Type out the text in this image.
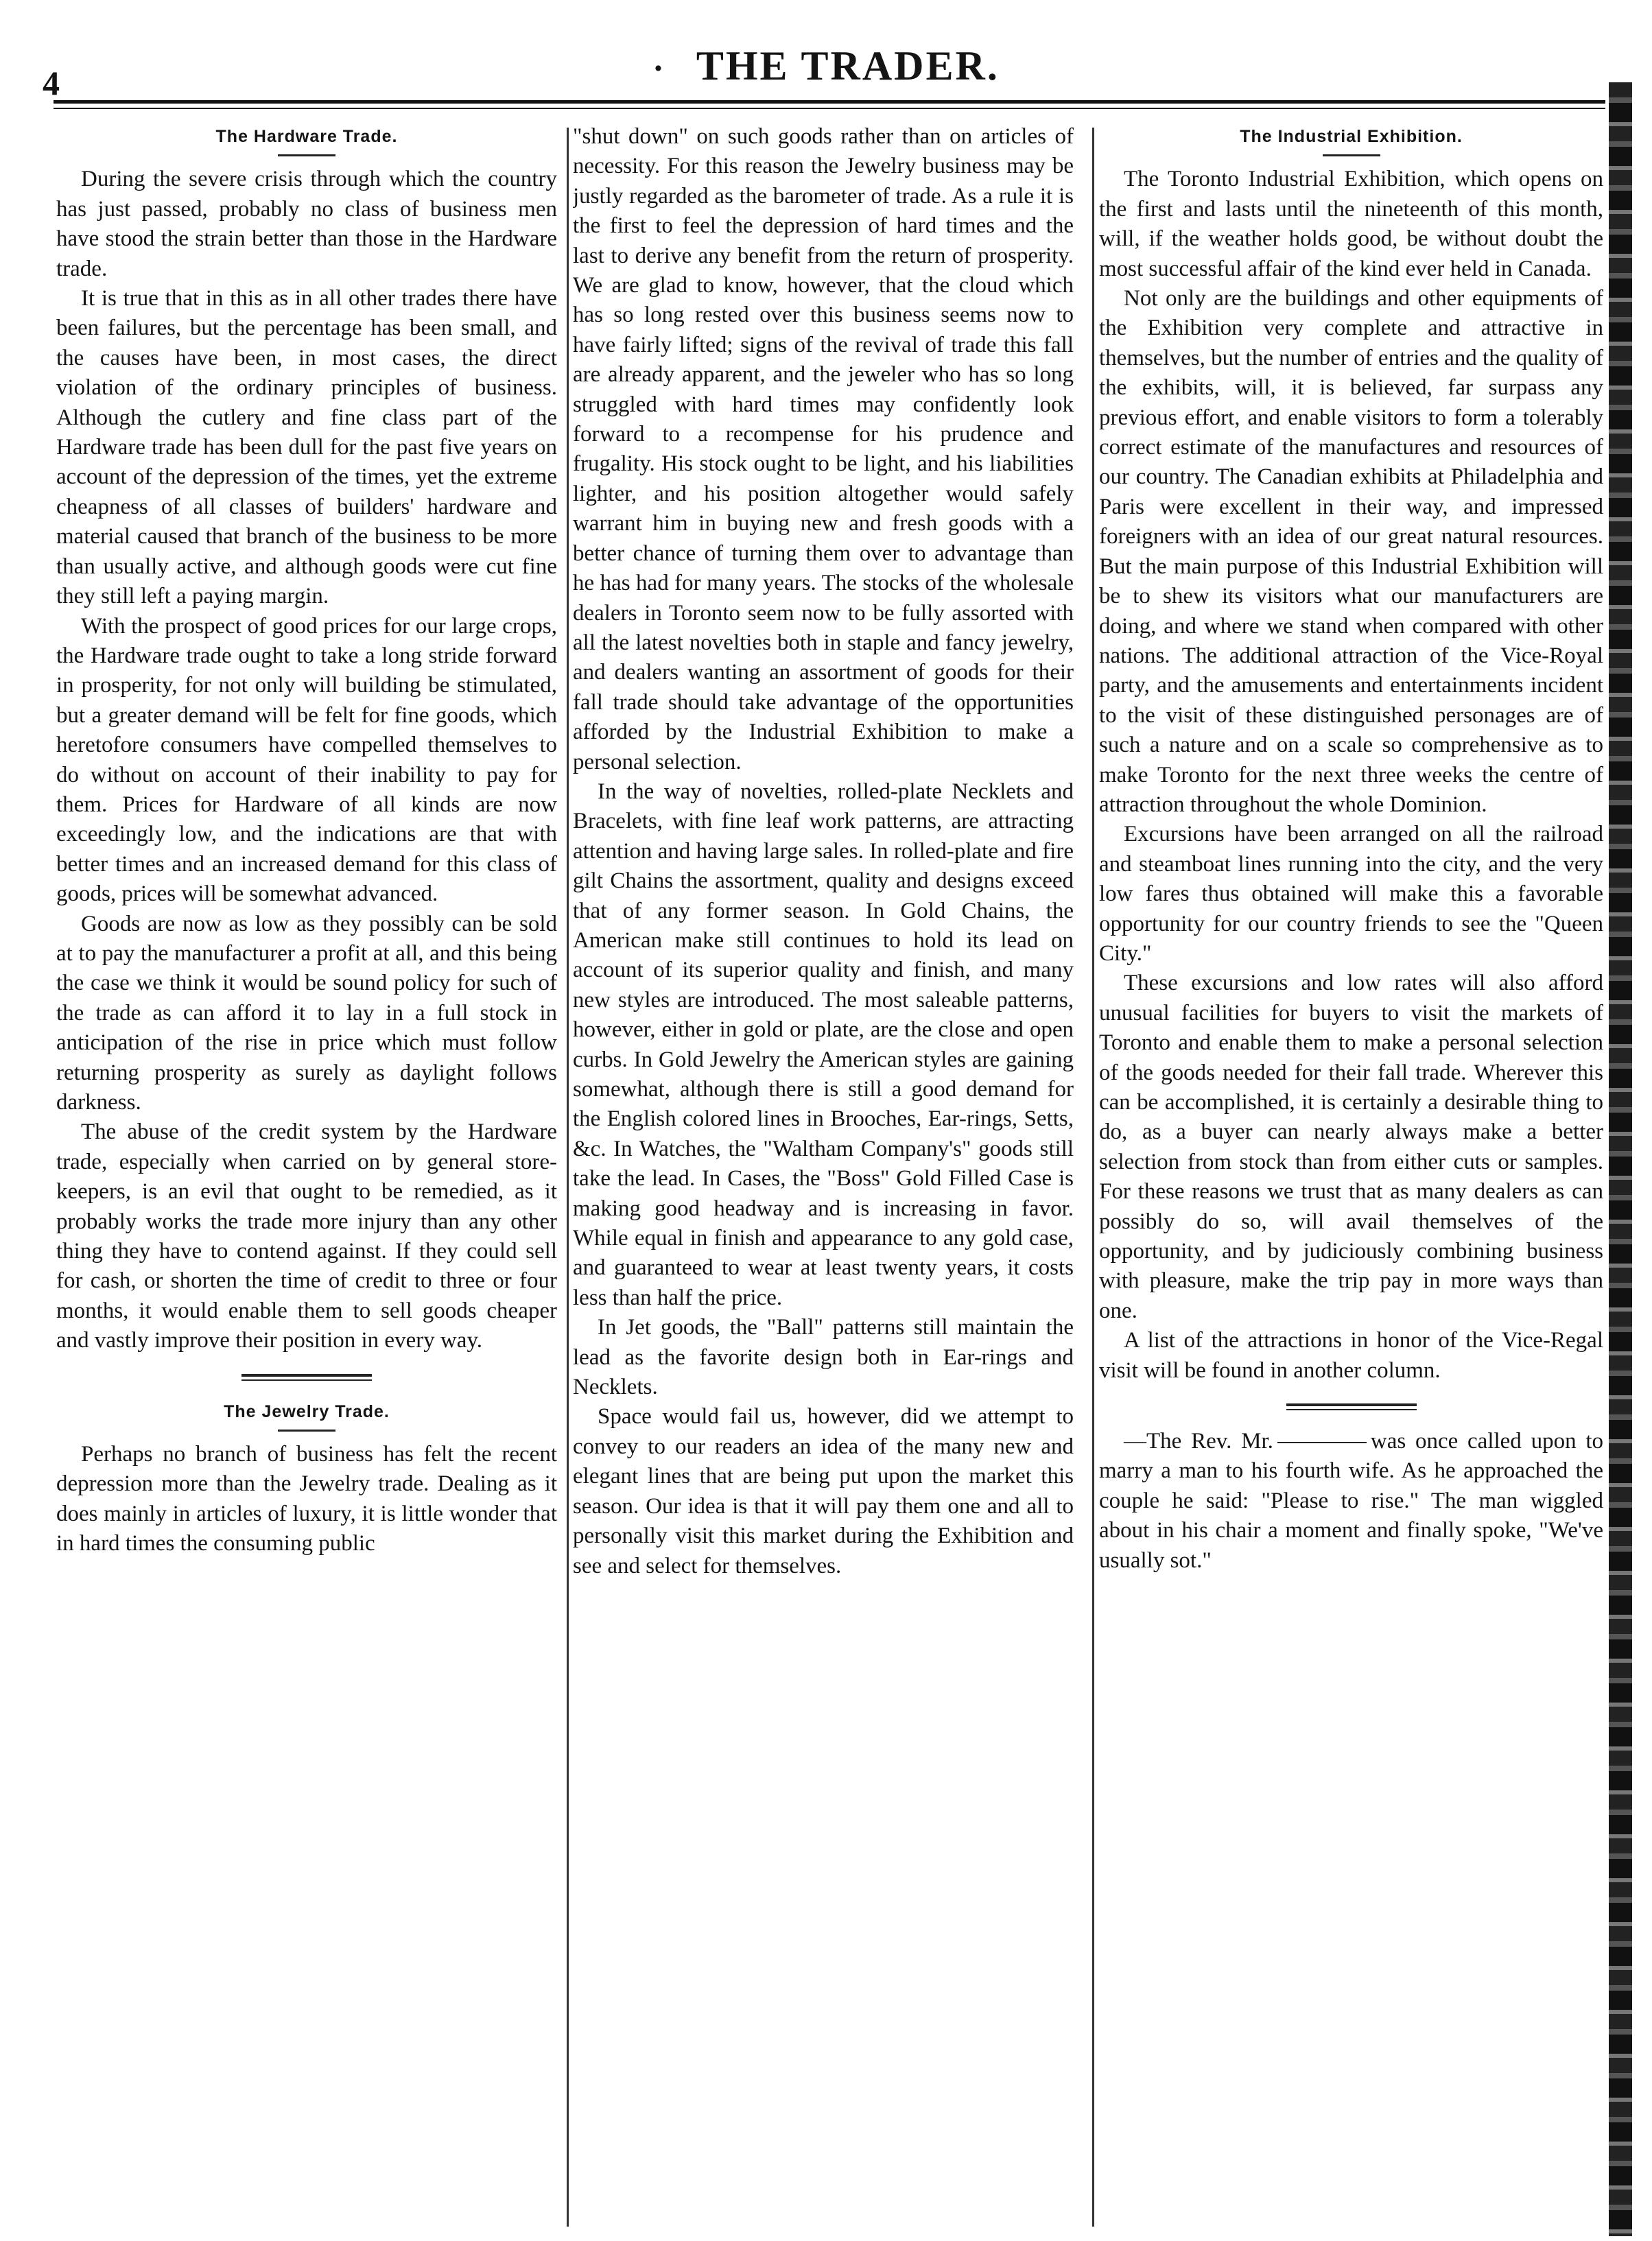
4	· THE TRADER.
The Hardware Trade.

During the severe crisis through which the country has just passed, probably no class of business men have stood the strain better than those in the Hardware trade.

It is true that in this as in all other trades there have been failures, but the percentage has been small, and the causes have been, in most cases, the direct violation of the ordinary principles of business. Although the cutlery and fine class part of the Hardware trade has been dull for the past five years on account of the depression of the times, yet the extreme cheapness of all classes of builders' hardware and material caused that branch of the business to be more than usually active, and although goods were cut fine they still left a paying margin.

With the prospect of good prices for our large crops, the Hardware trade ought to take a long stride forward in prosperity, for not only will building be stimulated, but a greater demand will be felt for fine goods, which heretofore consumers have compelled themselves to do without on account of their inability to pay for them. Prices for Hardware of all kinds are now exceedingly low, and the indications are that with better times and an increased demand for this class of goods, prices will be somewhat advanced.

Goods are now as low as they possibly can be sold at to pay the manufacturer a profit at all, and this being the case we think it would be sound policy for such of the trade as can afford it to lay in a full stock in anticipation of the rise in price which must follow returning prosperity as surely as daylight follows darkness.

The abuse of the credit system by the Hardware trade, especially when carried on by general store-keepers, is an evil that ought to be remedied, as it probably works the trade more injury than any other thing they have to contend against. If they could sell for cash, or shorten the time of credit to three or four months, it would enable them to sell goods cheaper and vastly improve their position in every way.

The Jewelry Trade.

Perhaps no branch of business has felt the recent depression more than the Jewelry trade. Dealing as it does mainly in articles of luxury, it is little wonder that in hard times the consuming public

"shut down" on such goods rather than on articles of necessity. For this reason the Jewelry business may be justly regarded as the barometer of trade. As a rule it is the first to feel the depression of hard times and the last to derive any benefit from the return of prosperity. We are glad to know, however, that the cloud which has so long rested over this business seems now to have fairly lifted; signs of the revival of trade this fall are already apparent, and the jeweler who has so long struggled with hard times may confidently look forward to a recompense for his prudence and frugality. His stock ought to be light, and his liabilities lighter, and his position altogether would safely warrant him in buying new and fresh goods with a better chance of turning them over to advantage than he has had for many years. The stocks of the wholesale dealers in Toronto seem now to be fully assorted with all the latest novelties both in staple and fancy jewelry, and dealers wanting an assortment of goods for their fall trade should take advantage of the opportunities afforded by the Industrial Exhibition to make a personal selection.

In the way of novelties, rolled-plate Necklets and Bracelets, with fine leaf work patterns, are attracting attention and having large sales. In rolled-plate and fire gilt Chains the assortment, quality and designs exceed that of any former season. In Gold Chains, the American make still continues to hold its lead on account of its superior quality and finish, and many new styles are introduced. The most saleable patterns, however, either in gold or plate, are the close and open curbs. In Gold Jewelry the American styles are gaining somewhat, although there is still a good demand for the English colored lines in Brooches, Ear-rings, Setts, &c. In Watches, the "Waltham Company's" goods still take the lead. In Cases, the "Boss" Gold Filled Case is making good headway and is increasing in favor. While equal in finish and appearance to any gold case, and guaranteed to wear at least twenty years, it costs less than half the price.

In Jet goods, the "Ball" patterns still maintain the lead as the favorite design both in Ear-rings and Necklets.

Space would fail us, however, did we attempt to convey to our readers an idea of the many new and elegant lines that are being put upon the market this season. Our idea is that it will pay them one and all to personally visit this market during the Exhibition and see and select for themselves.

The Industrial Exhibition.

The Toronto Industrial Exhibition, which opens on the first and lasts until the nineteenth of this month, will, if the weather holds good, be without doubt the most successful affair of the kind ever held in Canada.

Not only are the buildings and other equipments of the Exhibition very complete and attractive in themselves, but the number of entries and the quality of the exhibits, will, it is believed, far surpass any previous effort, and enable visitors to form a tolerably correct estimate of the manufactures and resources of our country. The Canadian exhibits at Philadelphia and Paris were excellent in their way, and impressed foreigners with an idea of our great natural resources. But the main purpose of this Industrial Exhibition will be to shew its visitors what our manufacturers are doing, and where we stand when compared with other nations. The additional attraction of the Vice-Royal party, and the amusements and entertainments incident to the visit of these distinguished personages are of such a nature and on a scale so comprehensive as to make Toronto for the next three weeks the centre of attraction throughout the whole Dominion.

Excursions have been arranged on all the railroad and steamboat lines running into the city, and the very low fares thus obtained will make this a favorable opportunity for our country friends to see the "Queen City."

These excursions and low rates will also afford unusual facilities for buyers to visit the markets of Toronto and enable them to make a personal selection of the goods needed for their fall trade. Wherever this can be accomplished, it is certainly a desirable thing to do, as a buyer can nearly always make a better selection from stock than from either cuts or samples. For these reasons we trust that as many dealers as can possibly do so, will avail themselves of the opportunity, and by judiciously combining business with pleasure, make the trip pay in more ways than one.

A list of the attractions in honor of the Vice-Regal visit will be found in another column.

—The Rev. Mr.	was once called upon to marry a man to his fourth wife. As he approached the couple he said: "Please to rise." The man wiggled about in his chair a moment and finally spoke, "We've usually sot."
